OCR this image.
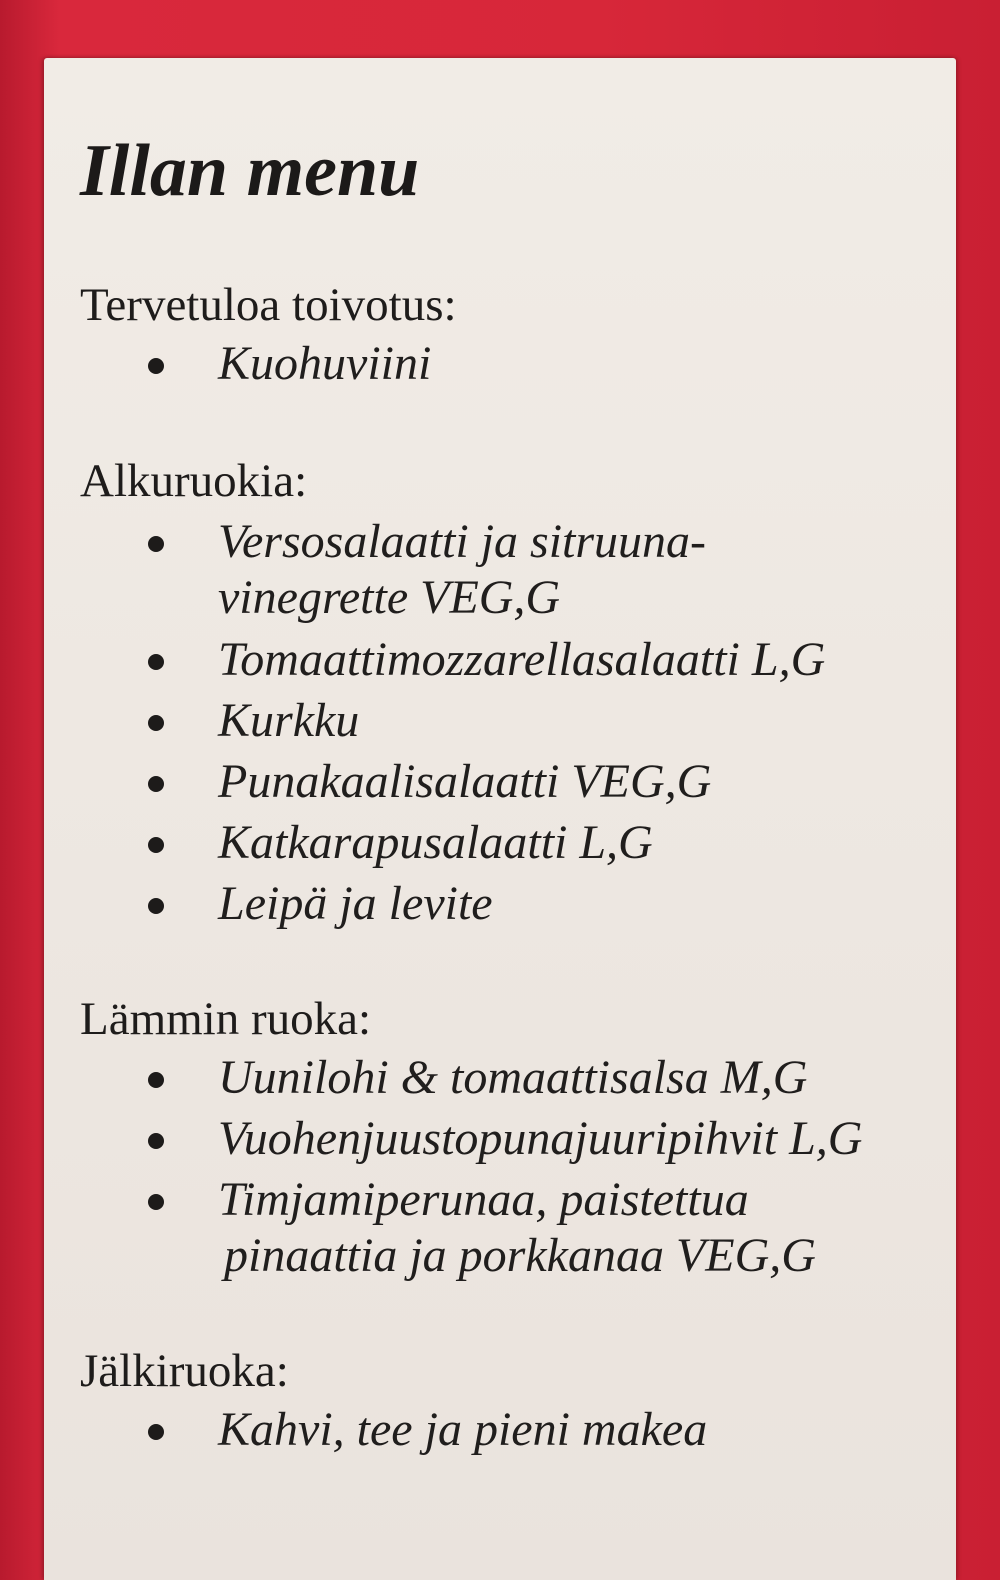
Illan menu
Tervetuloa toivotus:
Kuohuviini
Alkuruokia:
Versosalaatti ja sitruuna-
vinegrette VEG,G
Tomaattimozzarellasalaatti L,G
Kurkku
Punakaalisalaatti VEG,G
Katkarapusalaatti L,G
Leipä ja levite
Lämmin ruoka:
Uunilohi & tomaattisalsa M,G
Vuohenjuustopunajuuripihvit L,G
Timjamiperunaa, paistettua
pinaattia ja porkkanaa VEG,G
Jälkiruoka:
Kahvi, tee ja pieni makea
